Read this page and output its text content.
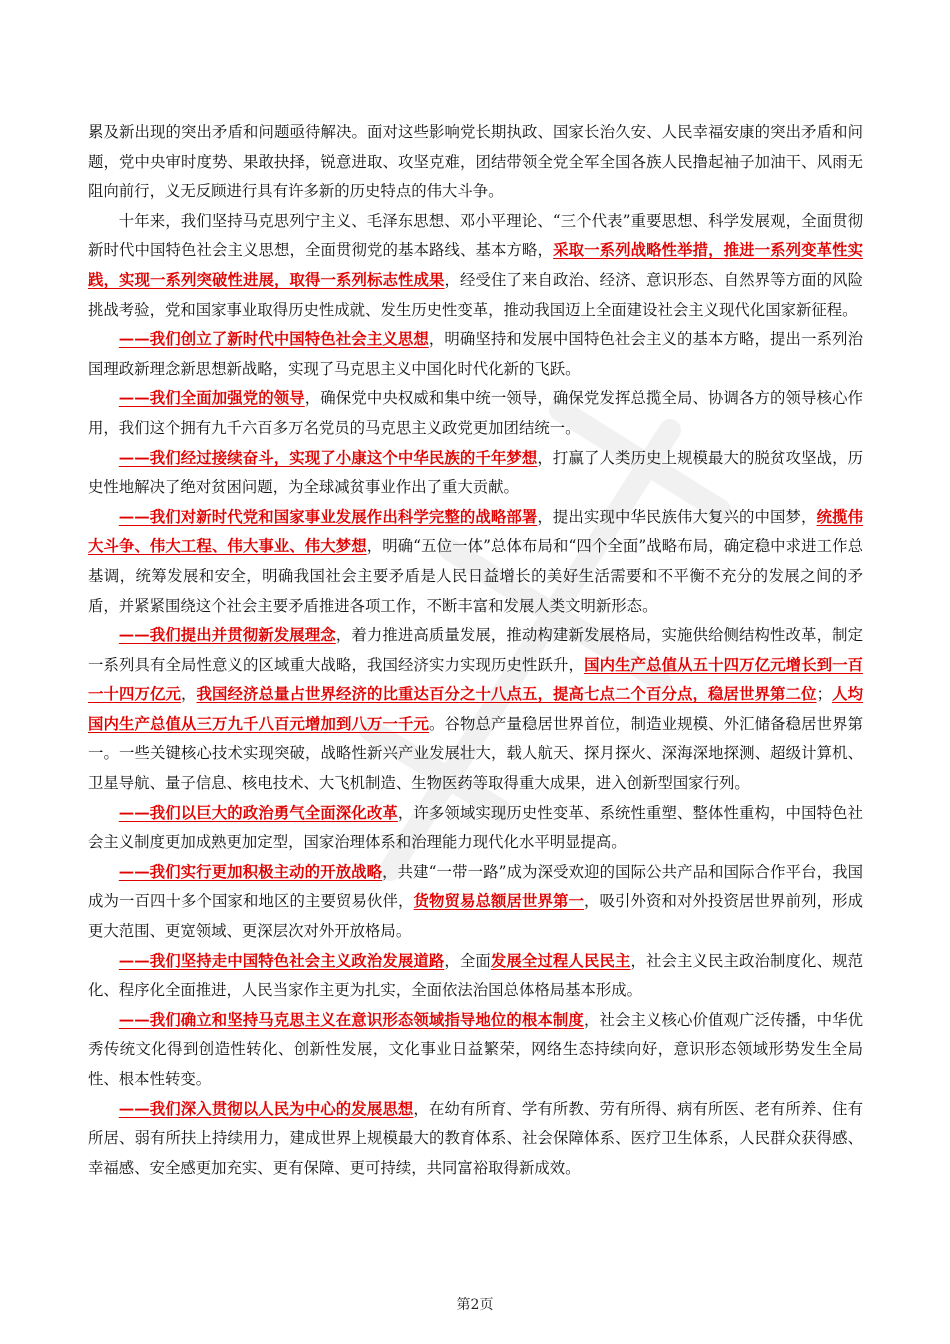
累及新出现的突出矛盾和问题亟待解决。面对这些影响党长期执政、国家长治久安、人民幸福安康的突出矛盾和问题，党中央审时度势、果敢抉择，锐意进取、攻坚克难，团结带领全党全军全国各族人民撸起袖子加油干、风雨无阻向前行，义无反顾进行具有许多新的历史特点的伟大斗争。

十年来，我们坚持马克思列宁主义、毛泽东思想、邓小平理论、“三个代表”重要思想、科学发展观，全面贯彻新时代中国特色社会主义思想，全面贯彻党的基本路线、基本方略，采取一系列战略性举措，推进一系列变革性实践，实现一系列突破性进展，取得一系列标志性成果，经受住了来自政治、经济、意识形态、自然界等方面的风险挑战考验，党和国家事业取得历史性成就、发生历史性变革，推动我国迈上全面建设社会主义现代化国家新征程。

——我们创立了新时代中国特色社会主义思想，明确坚持和发展中国特色社会主义的基本方略，提出一系列治国理政新理念新思想新战略，实现了马克思主义中国化时代化新的飞跃。

——我们全面加强党的领导，确保党中央权威和集中统一领导，确保党发挥总揽全局、协调各方的领导核心作用，我们这个拥有九千六百多万名党员的马克思主义政党更加团结统一。

——我们经过接续奋斗，实现了小康这个中华民族的千年梦想，打赢了人类历史上规模最大的脱贫攻坚战，历史性地解决了绝对贫困问题，为全球减贫事业作出了重大贡献。

——我们对新时代党和国家事业发展作出科学完整的战略部署，提出实现中华民族伟大复兴的中国梦，统揽伟大斗争、伟大工程、伟大事业、伟大梦想，明确“五位一体”总体布局和“四个全面”战略布局，确定稳中求进工作总基调，统筹发展和安全，明确我国社会主要矛盾是人民日益增长的美好生活需要和不平衡不充分的发展之间的矛盾，并紧紧围绕这个社会主要矛盾推进各项工作，不断丰富和发展人类文明新形态。

——我们提出并贯彻新发展理念，着力推进高质量发展，推动构建新发展格局，实施供给侧结构性改革，制定一系列具有全局性意义的区域重大战略，我国经济实力实现历史性跃升，国内生产总值从五十四万亿元增长到一百一十四万亿元，我国经济总量占世界经济的比重达百分之十八点五，提高七点二个百分点，稳居世界第二位；人均国内生产总值从三万九千八百元增加到八万一千元。谷物总产量稳居世界首位，制造业规模、外汇储备稳居世界第一。一些关键核心技术实现突破，战略性新兴产业发展壮大，载人航天、探月探火、深海深地探测、超级计算机、卫星导航、量子信息、核电技术、大飞机制造、生物医药等取得重大成果，进入创新型国家行列。

——我们以巨大的政治勇气全面深化改革，许多领域实现历史性变革、系统性重塑、整体性重构，中国特色社会主义制度更加成熟更加定型，国家治理体系和治理能力现代化水平明显提高。

——我们实行更加积极主动的开放战略，共建“一带一路”成为深受欢迎的国际公共产品和国际合作平台，我国成为一百四十多个国家和地区的主要贸易伙伴，货物贸易总额居世界第一，吸引外资和对外投资居世界前列，形成更大范围、更宽领域、更深层次对外开放格局。

——我们坚持走中国特色社会主义政治发展道路，全面发展全过程人民民主，社会主义民主政治制度化、规范化、程序化全面推进，人民当家作主更为扎实，全面依法治国总体格局基本形成。

——我们确立和坚持马克思主义在意识形态领域指导地位的根本制度，社会主义核心价值观广泛传播，中华优秀传统文化得到创造性转化、创新性发展，文化事业日益繁荣，网络生态持续向好，意识形态领域形势发生全局性、根本性转变。

——我们深入贯彻以人民为中心的发展思想，在幼有所育、学有所教、劳有所得、病有所医、老有所养、住有所居、弱有所扶上持续用力，建成世界上规模最大的教育体系、社会保障体系、医疗卫生体系，人民群众获得感、幸福感、安全感更加充实、更有保障、更可持续，共同富裕取得新成效。

第2页
